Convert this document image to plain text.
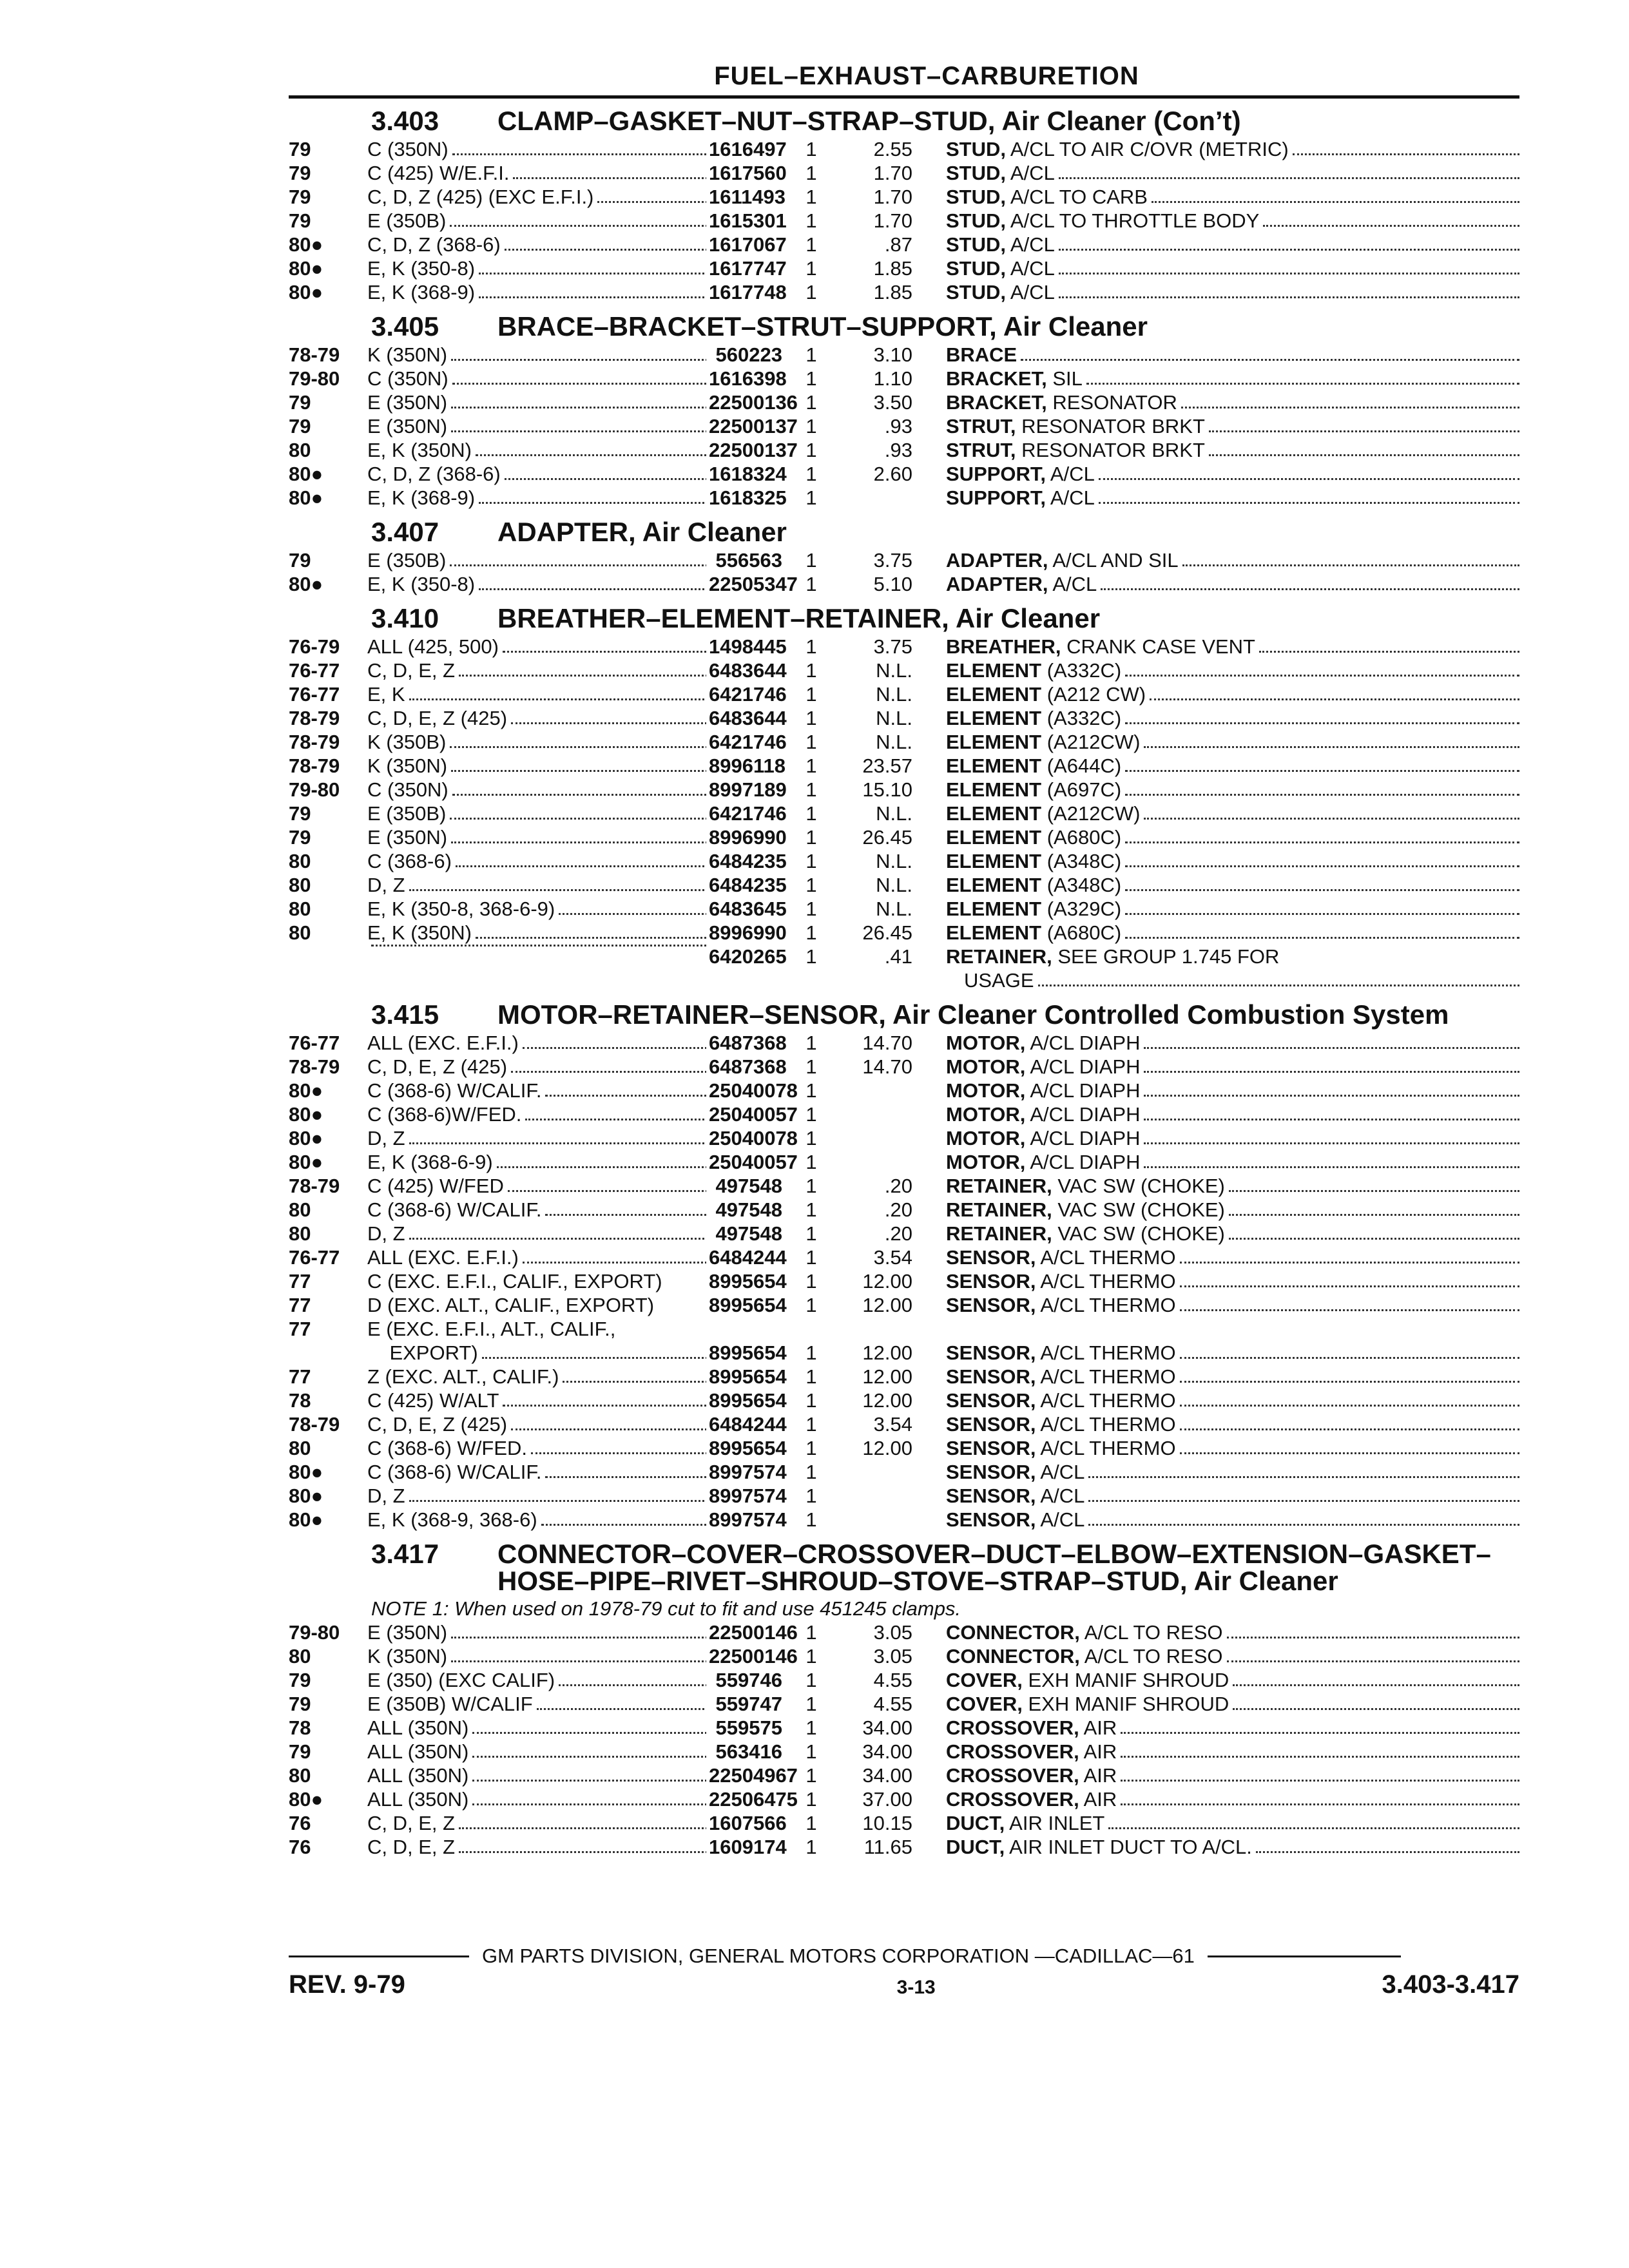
FUEL–EXHAUST–CARBURETION
3.403	CLAMP–GASKET–NUT–STRAP–STUD, Air Cleaner (Con’t)
79	C (350N)	1616497 1	2.55 STUD, A/CL TO AIR C/OVR (METRIC)
79	C (425) W/E.F.I.	1617560 1	1.70 STUD, A/CL
79	C, D, Z (425) (EXC E.F.I.)	1611493	1	1.70 STUD, A/CL TO CARB
79	E (350B)	1615301 1	1.70 STUD, A/CL TO THROTTLE BODY
80●	C, D, Z (368-6)	1617067 1	.87 STUD, A/CL
80●	E, K (350-8)	1617747 1	1.85 STUD, A/CL
80●	E, K (368-9)	1617748 1	1.85 STUD, A/CL
3.405	BRACE–BRACKET–STRUT–SUPPORT, Air Cleaner
78-79	K (350N)	560223	1	3.10 BRACE
79-80	C (350N)	1616398 1	1.10 BRACKET, SIL
79	E (350N)	22500136 1	3.50 BRACKET, RESONATOR
79	E (350N)	22500137 1	.93 STRUT, RESONATOR BRKT
80	E, K (350N)	22500137 1	.93 STRUT, RESONATOR BRKT
80●	C, D, Z (368-6)	1618324 1	2.60 SUPPORT, A/CL
80●	E, K (368-9)	1618325 1	SUPPORT, A/CL
3.407	ADAPTER, Air Cleaner
79	E (350B)	556563	1	3.75 ADAPTER, A/CL AND SIL
80●	E, K (350-8)	22505347 1	5.10 ADAPTER, A/CL
3.410	BREATHER–ELEMENT–RETAINER, Air Cleaner
76-79	ALL (425, 500)	1498445 1	3.75 BREATHER, CRANK CASE VENT
76-77	C, D, E, Z	6483644 1	N.L. ELEMENT (A332C)
76-77	E, K	6421746 1	N.L. ELEMENT (A212 CW)
78-79	C, D, E, Z (425)	6483644 1	N.L. ELEMENT (A332C)
78-79	K (350B)	6421746 1	N.L. ELEMENT (A212CW)
78-79	K (350N)	8996118	1	23.57 ELEMENT (A644C)
79-80	C (350N)	8997189 1	15.10 ELEMENT (A697C)
79	E (350B)	6421746 1	N.L. ELEMENT (A212CW)
79	E (350N)	8996990 1	26.45 ELEMENT (A680C)
80	C (368-6)	6484235 1	N.L. ELEMENT (A348C)
80	D, Z	6484235 1	N.L. ELEMENT (A348C)
80	E, K (350-8, 368-6-9)	6483645 1	N.L. ELEMENT (A329C)
80	E, K (350N)	8996990 1	26.45 ELEMENT (A680C)
6420265 1	.41 RETAINER, SEE GROUP 1.745 FOR
USAGE
3.415	MOTOR–RETAINER–SENSOR, Air Cleaner Controlled Combustion System
76-77	ALL (EXC. E.F.I.)	6487368 1	14.70 MOTOR, A/CL DIAPH
78-79	C, D, E, Z (425)	6487368 1	14.70 MOTOR, A/CL DIAPH
80●	C (368-6) W/CALIF.	25040078 1	MOTOR, A/CL DIAPH
80●	C (368-6)W/FED.	25040057 1	MOTOR, A/CL DIAPH
80●	D, Z	25040078 1	MOTOR, A/CL DIAPH
80●	E, K (368-6-9)	25040057 1	MOTOR, A/CL DIAPH
78-79	C (425) W/FED	497548	1	.20 RETAINER, VAC SW (CHOKE)
80	C (368-6) W/CALIF.	497548	1	.20 RETAINER, VAC SW (CHOKE)
80	D, Z	497548	1	.20 RETAINER, VAC SW (CHOKE)
76-77	ALL (EXC. E.F.I.)	6484244 1	3.54 SENSOR, A/CL THERMO
77	C (EXC. E.F.I., CALIF., EXPORT) 8995654 1	12.00 SENSOR, A/CL THERMO
77	D (EXC. ALT., CALIF., EXPORT)	8995654 1	12.00 SENSOR, A/CL THERMO
77	E (EXC. E.F.I., ALT., CALIF.,
EXPORT)	8995654 1	12.00 SENSOR, A/CL THERMO
77	Z (EXC. ALT., CALIF.)	8995654 1	12.00 SENSOR, A/CL THERMO
78	C (425) W/ALT	8995654 1	12.00 SENSOR, A/CL THERMO
78-79	C, D, E, Z (425)	6484244 1	3.54 SENSOR, A/CL THERMO
80	C (368-6) W/FED.	8995654 1	12.00 SENSOR, A/CL THERMO
80●	C (368-6) W/CALIF.	8997574 1	SENSOR, A/CL
80●	D, Z	8997574 1	SENSOR, A/CL
80●	E, K (368-9, 368-6)	8997574 1	SENSOR, A/CL
3.417	CONNECTOR–COVER–CROSSOVER–DUCT–ELBOW–EXTENSION–GASKET–HOSE–PIPE–RIVET–SHROUD–STOVE–STRAP–STUD, Air Cleaner
NOTE 1: When used on 1978-79 cut to fit and use 451245 clamps.
79-80	E (350N)	22500146 1	3.05 CONNECTOR, A/CL TO RESO
80	K (350N)	22500146 1	3.05 CONNECTOR, A/CL TO RESO
79	E (350) (EXC CALIF)	559746	1	4.55 COVER, EXH MANIF SHROUD
79	E (350B) W/CALIF	559747	1	4.55 COVER, EXH MANIF SHROUD
78	ALL (350N)	559575	1	34.00 CROSSOVER, AIR
79	ALL (350N)	563416	1	34.00 CROSSOVER, AIR
80	ALL (350N)	22504967 1	34.00 CROSSOVER, AIR
80●	ALL (350N)	22506475 1	37.00 CROSSOVER, AIR
76	C, D, E, Z	1607566 1	10.15 DUCT, AIR INLET
76	C, D, E, Z	1609174 1	11.65 DUCT, AIR INLET DUCT TO A/CL.
GM PARTS DIVISION, GENERAL MOTORS CORPORATION —CADILLAC—61
REV. 9-79	3-13	3.403-3.417
